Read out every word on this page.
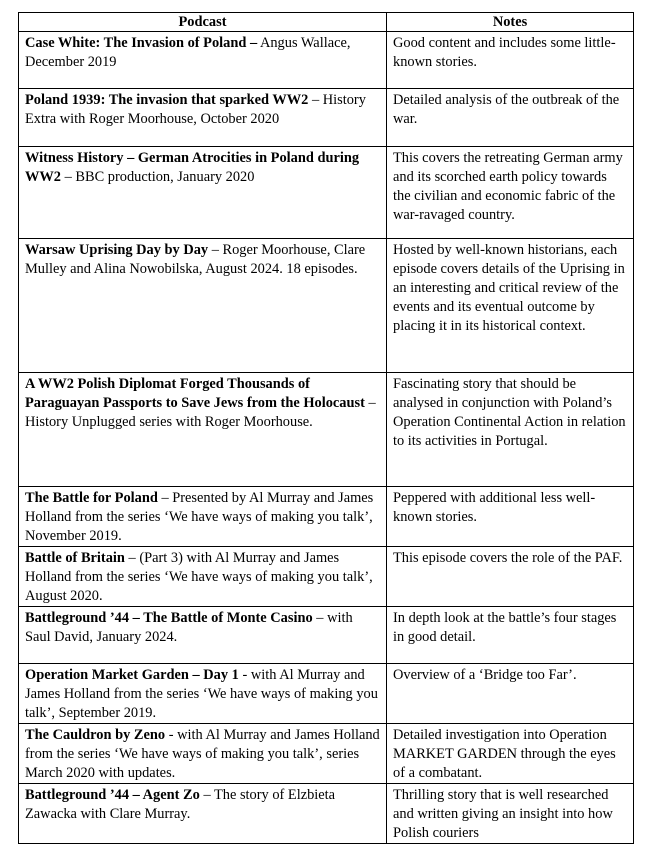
Podcast	Notes
Case White: The Invasion of Poland – Angus Wallace, December 2019	Good content and includes some little-known stories.
Poland 1939: The invasion that sparked WW2 – History Extra with Roger Moorhouse, October 2020	Detailed analysis of the outbreak of the war.
Witness History – German Atrocities in Poland during WW2 – BBC production, January 2020	This covers the retreating German army and its scorched earth policy towards the civilian and economic fabric of the war-ravaged country.
Warsaw Uprising Day by Day – Roger Moorhouse, Clare Mulley and Alina Nowobilska, August 2024. 18 episodes.	Hosted by well-known historians, each episode covers details of the Uprising in an interesting and critical review of the events and its eventual outcome by placing it in its historical context.
A WW2 Polish Diplomat Forged Thousands of Paraguayan Passports to Save Jews from the Holocaust – History Unplugged series with Roger Moorhouse.	Fascinating story that should be analysed in conjunction with Poland’s Operation Continental Action in relation to its activities in Portugal.
The Battle for Poland – Presented by Al Murray and James Holland from the series ‘We have ways of making you talk’, November 2019.	Peppered with additional less well-known stories.
Battle of Britain – (Part 3) with Al Murray and James Holland from the series ‘We have ways of making you talk’, August 2020.	This episode covers the role of the PAF.
Battleground ’44 – The Battle of Monte Casino – with Saul David, January 2024.	In depth look at the battle’s four stages in good detail.
Operation Market Garden – Day 1 - with Al Murray and James Holland from the series ‘We have ways of making you talk’, September 2019.	Overview of a ‘Bridge too Far’.
The Cauldron by Zeno - with Al Murray and James Holland from the series ‘We have ways of making you talk’, series March 2020 with updates.	Detailed investigation into Operation MARKET GARDEN through the eyes of a combatant.
Battleground ’44 – Agent Zo – The story of Elzbieta Zawacka with Clare Murray.	Thrilling story that is well researched and written giving an insight into how Polish couriers
